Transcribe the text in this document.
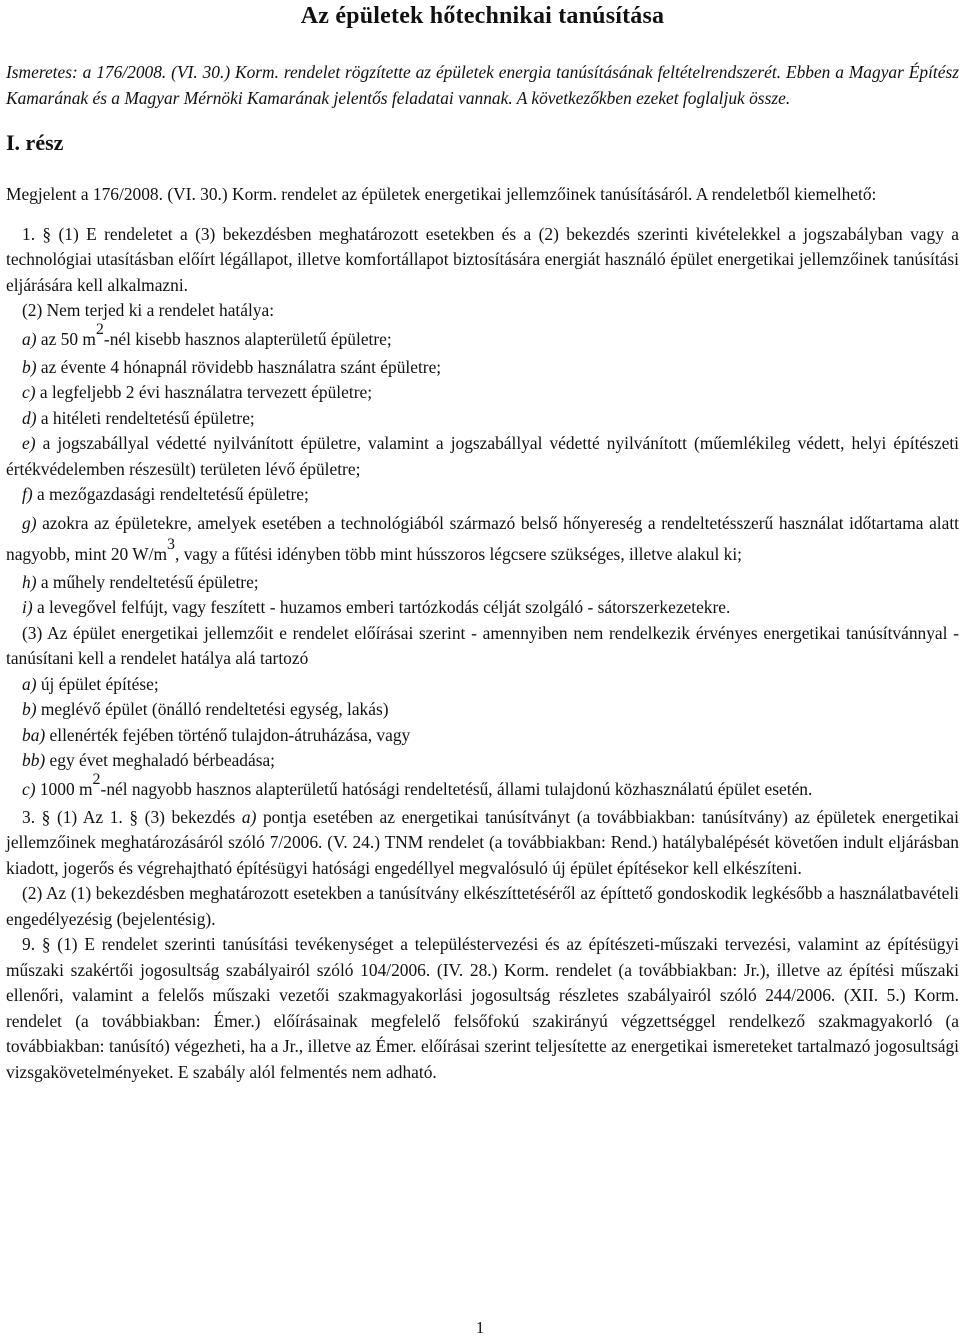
Az épületek hőtechnikai tanúsítása

Ismeretes: a 176/2008. (VI. 30.) Korm. rendelet rögzítette az épületek energia tanúsításának feltételrendszerét. Ebben a Magyar Építész Kamarának és a Magyar Mérnöki Kamarának jelentős feladatai vannak. A következőkben ezeket foglaljuk össze.

I. rész

Megjelent a 176/2008. (VI. 30.) Korm. rendelet az épületek energetikai jellemzőinek tanúsításáról. A rendeletből kiemelhető:

1. § (1) E rendeletet a (3) bekezdésben meghatározott esetekben és a (2) bekezdés szerinti kivételekkel a jogszabályban vagy a technológiai utasításban előírt légállapot, illetve komfortállapot biztosítására energiát használó épület energetikai jellemzőinek tanúsítási eljárására kell alkalmazni.

(2) Nem terjed ki a rendelet hatálya:

a) az 50 m2-nél kisebb hasznos alapterületű épületre;

b) az évente 4 hónapnál rövidebb használatra szánt épületre;

c) a legfeljebb 2 évi használatra tervezett épületre;

d) a hitéleti rendeltetésű épületre;

e) a jogszabállyal védetté nyilvánított épületre, valamint a jogszabállyal védetté nyilvánított (műemlékileg védett, helyi építészeti értékvédelemben részesült) területen lévő épületre;

f) a mezőgazdasági rendeltetésű épületre;

g) azokra az épületekre, amelyek esetében a technológiából származó belső hőnyereség a rendeltetésszerű használat időtartama alatt nagyobb, mint 20 W/m3, vagy a fűtési idényben több mint hússzoros légcsere szükséges, illetve alakul ki;

h) a műhely rendeltetésű épületre;

i) a levegővel felfújt, vagy feszített - huzamos emberi tartózkodás célját szolgáló - sátorszerkezetekre.

(3) Az épület energetikai jellemzőit e rendelet előírásai szerint - amennyiben nem rendelkezik érvényes energetikai tanúsítvánnyal - tanúsítani kell a rendelet hatálya alá tartozó

a) új épület építése;

b) meglévő épület (önálló rendeltetési egység, lakás)

ba) ellenérték fejében történő tulajdon-átruházása, vagy

bb) egy évet meghaladó bérbeadása;

c) 1000 m2-nél nagyobb hasznos alapterületű hatósági rendeltetésű, állami tulajdonú közhasználatú épület esetén.

3. § (1) Az 1. § (3) bekezdés a) pontja esetében az energetikai tanúsítványt (a továbbiakban: tanúsítvány) az épületek energetikai jellemzőinek meghatározásáról szóló 7/2006. (V. 24.) TNM rendelet (a továbbiakban: Rend.) hatálybalépését követően indult eljárásban kiadott, jogerős és végrehajtható építésügyi hatósági engedéllyel megvalósuló új épület építésekor kell elkészíteni.

(2) Az (1) bekezdésben meghatározott esetekben a tanúsítvány elkészíttetéséről az építtető gondoskodik legkésőbb a használatbavételi engedélyezésig (bejelentésig).

9. § (1) E rendelet szerinti tanúsítási tevékenységet a településtervezési és az építészeti-műszaki tervezési, valamint az építésügyi műszaki szakértői jogosultság szabályairól szóló 104/2006. (IV. 28.) Korm. rendelet (a továbbiakban: Jr.), illetve az építési műszaki ellenőri, valamint a felelős műszaki vezetői szakmagyakorlási jogosultság részletes szabályairól szóló 244/2006. (XII. 5.) Korm. rendelet (a továbbiakban: Émer.) előírásainak megfelelő felsőfokú szakirányú végzettséggel rendelkező szakmagyakorló (a továbbiakban: tanúsító) végezheti, ha a Jr., illetve az Émer. előírásai szerint teljesítette az energetikai ismereteket tartalmazó jogosultsági vizsgakövetelményeket. E szabály alól felmentés nem adható.

1
